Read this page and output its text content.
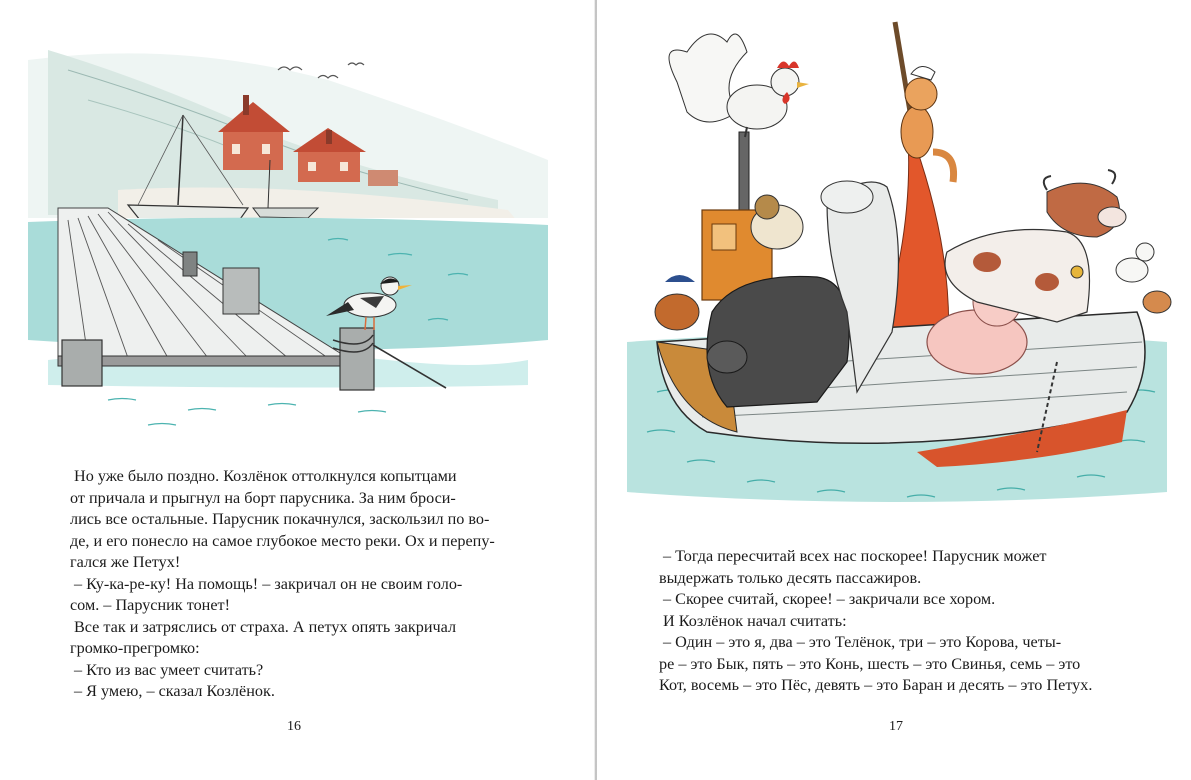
Но уже было поздно. Козлёнок оттолкнулся копытцами

от причала и прыгнул на борт парусника. За ним броси-

лись все остальные. Парусник покачнулся, заскользил по во-

де, и его понесло на самое глубокое место реки. Ох и перепу-

гался же Петух!

– Ку-ка-ре-ку! На помощь! – закричал он не своим голо-

сом. – Парусник тонет!

Все так и затряслись от страха. А петух опять закричал

громко-прегромко:

– Кто из вас умеет считать?

– Я умею, – сказал Козлёнок.

16

– Тогда пересчитай всех нас поскорее! Парусник может

выдержать только десять пассажиров.

– Скорее считай, скорее! – закричали все хором.

И Козлёнок начал считать:

– Один – это я, два – это Телёнок, три – это Корова, четы-

ре – это Бык, пять – это Конь, шесть – это Свинья, семь – это

Кот, восемь – это Пёс, девять – это Баран и десять – это Петух.

17
